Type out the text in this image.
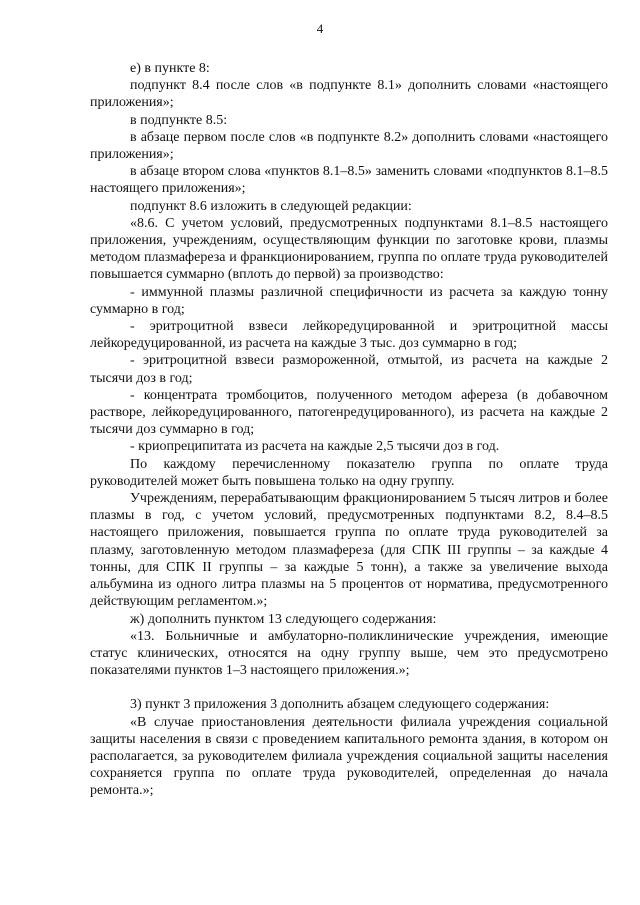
4

е) в пункте 8:

подпункт 8.4 после слов «в подпункте 8.1» дополнить словами «настоящего приложения»;

в подпункте 8.5:

в абзаце первом после слов «в подпункте 8.2» дополнить словами «настоящего приложения»;

в абзаце втором слова «пунктов 8.1–8.5» заменить словами «подпунктов 8.1–8.5 настоящего приложения»;

подпункт 8.6 изложить в следующей редакции:

«8.6. С учетом условий, предусмотренных подпунктами 8.1–8.5 настоящего приложения, учреждениям, осуществляющим функции по заготовке крови, плазмы методом плазмафереза и франкционированием, группа по оплате труда руководителей повышается суммарно (вплоть до первой) за производство:

- иммунной плазмы различной специфичности из расчета за каждую тонну суммарно в год;

- эритроцитной взвеси лейкоредуцированной и эритроцитной массы лейкоредуцированной, из расчета на каждые 3 тыс. доз суммарно в год;

- эритроцитной взвеси размороженной, отмытой, из расчета на каждые 2 тысячи доз в год;

- концентрата тромбоцитов, полученного методом афереза (в добавочном растворе, лейкоредуцированного, патогенредуцированного), из расчета на каждые 2 тысячи доз суммарно в год;

- криопреципитата из расчета на каждые 2,5 тысячи доз в год.

По каждому перечисленному показателю группа по оплате труда руководителей может быть повышена только на одну группу.

Учреждениям, перерабатывающим фракционированием 5 тысяч литров и более плазмы в год, с учетом условий, предусмотренных подпунктами 8.2, 8.4–8.5 настоящего приложения, повышается группа по оплате труда руководителей за плазму, заготовленную методом плазмафереза (для СПК III группы – за каждые 4 тонны, для СПК II группы – за каждые 5 тонн), а также за увеличение выхода альбумина из одного литра плазмы на 5 процентов от норматива, предусмотренного действующим регламентом.»;

ж) дополнить пунктом 13 следующего содержания:

«13. Больничные и амбулаторно-поликлинические учреждения, имеющие статус клинических, относятся на одну группу выше, чем это предусмотрено показателями пунктов 1–3 настоящего приложения.»;

3) пункт 3 приложения 3 дополнить абзацем следующего содержания:

«В случае приостановления деятельности филиала учреждения социальной защиты населения в связи с проведением капитального ремонта здания, в котором он располагается, за руководителем филиала учреждения социальной защиты населения сохраняется группа по оплате труда руководителей, определенная до начала ремонта.»;
